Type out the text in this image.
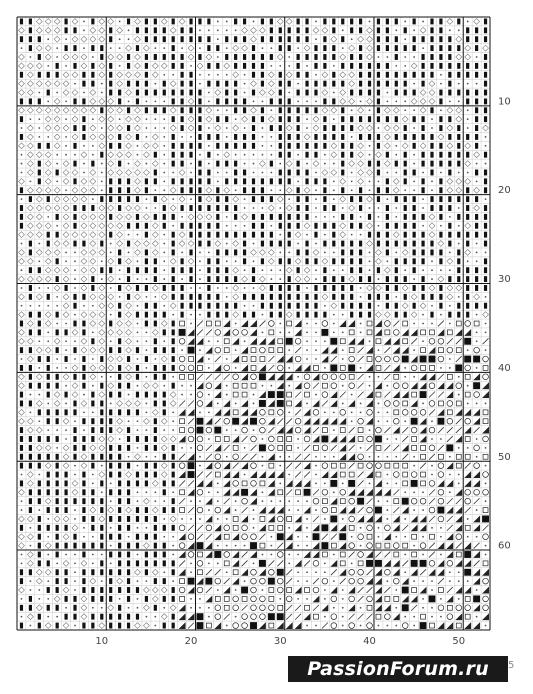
10	20	30	40	50
10
20
30
40
50
60
5
PassionForum.ru
